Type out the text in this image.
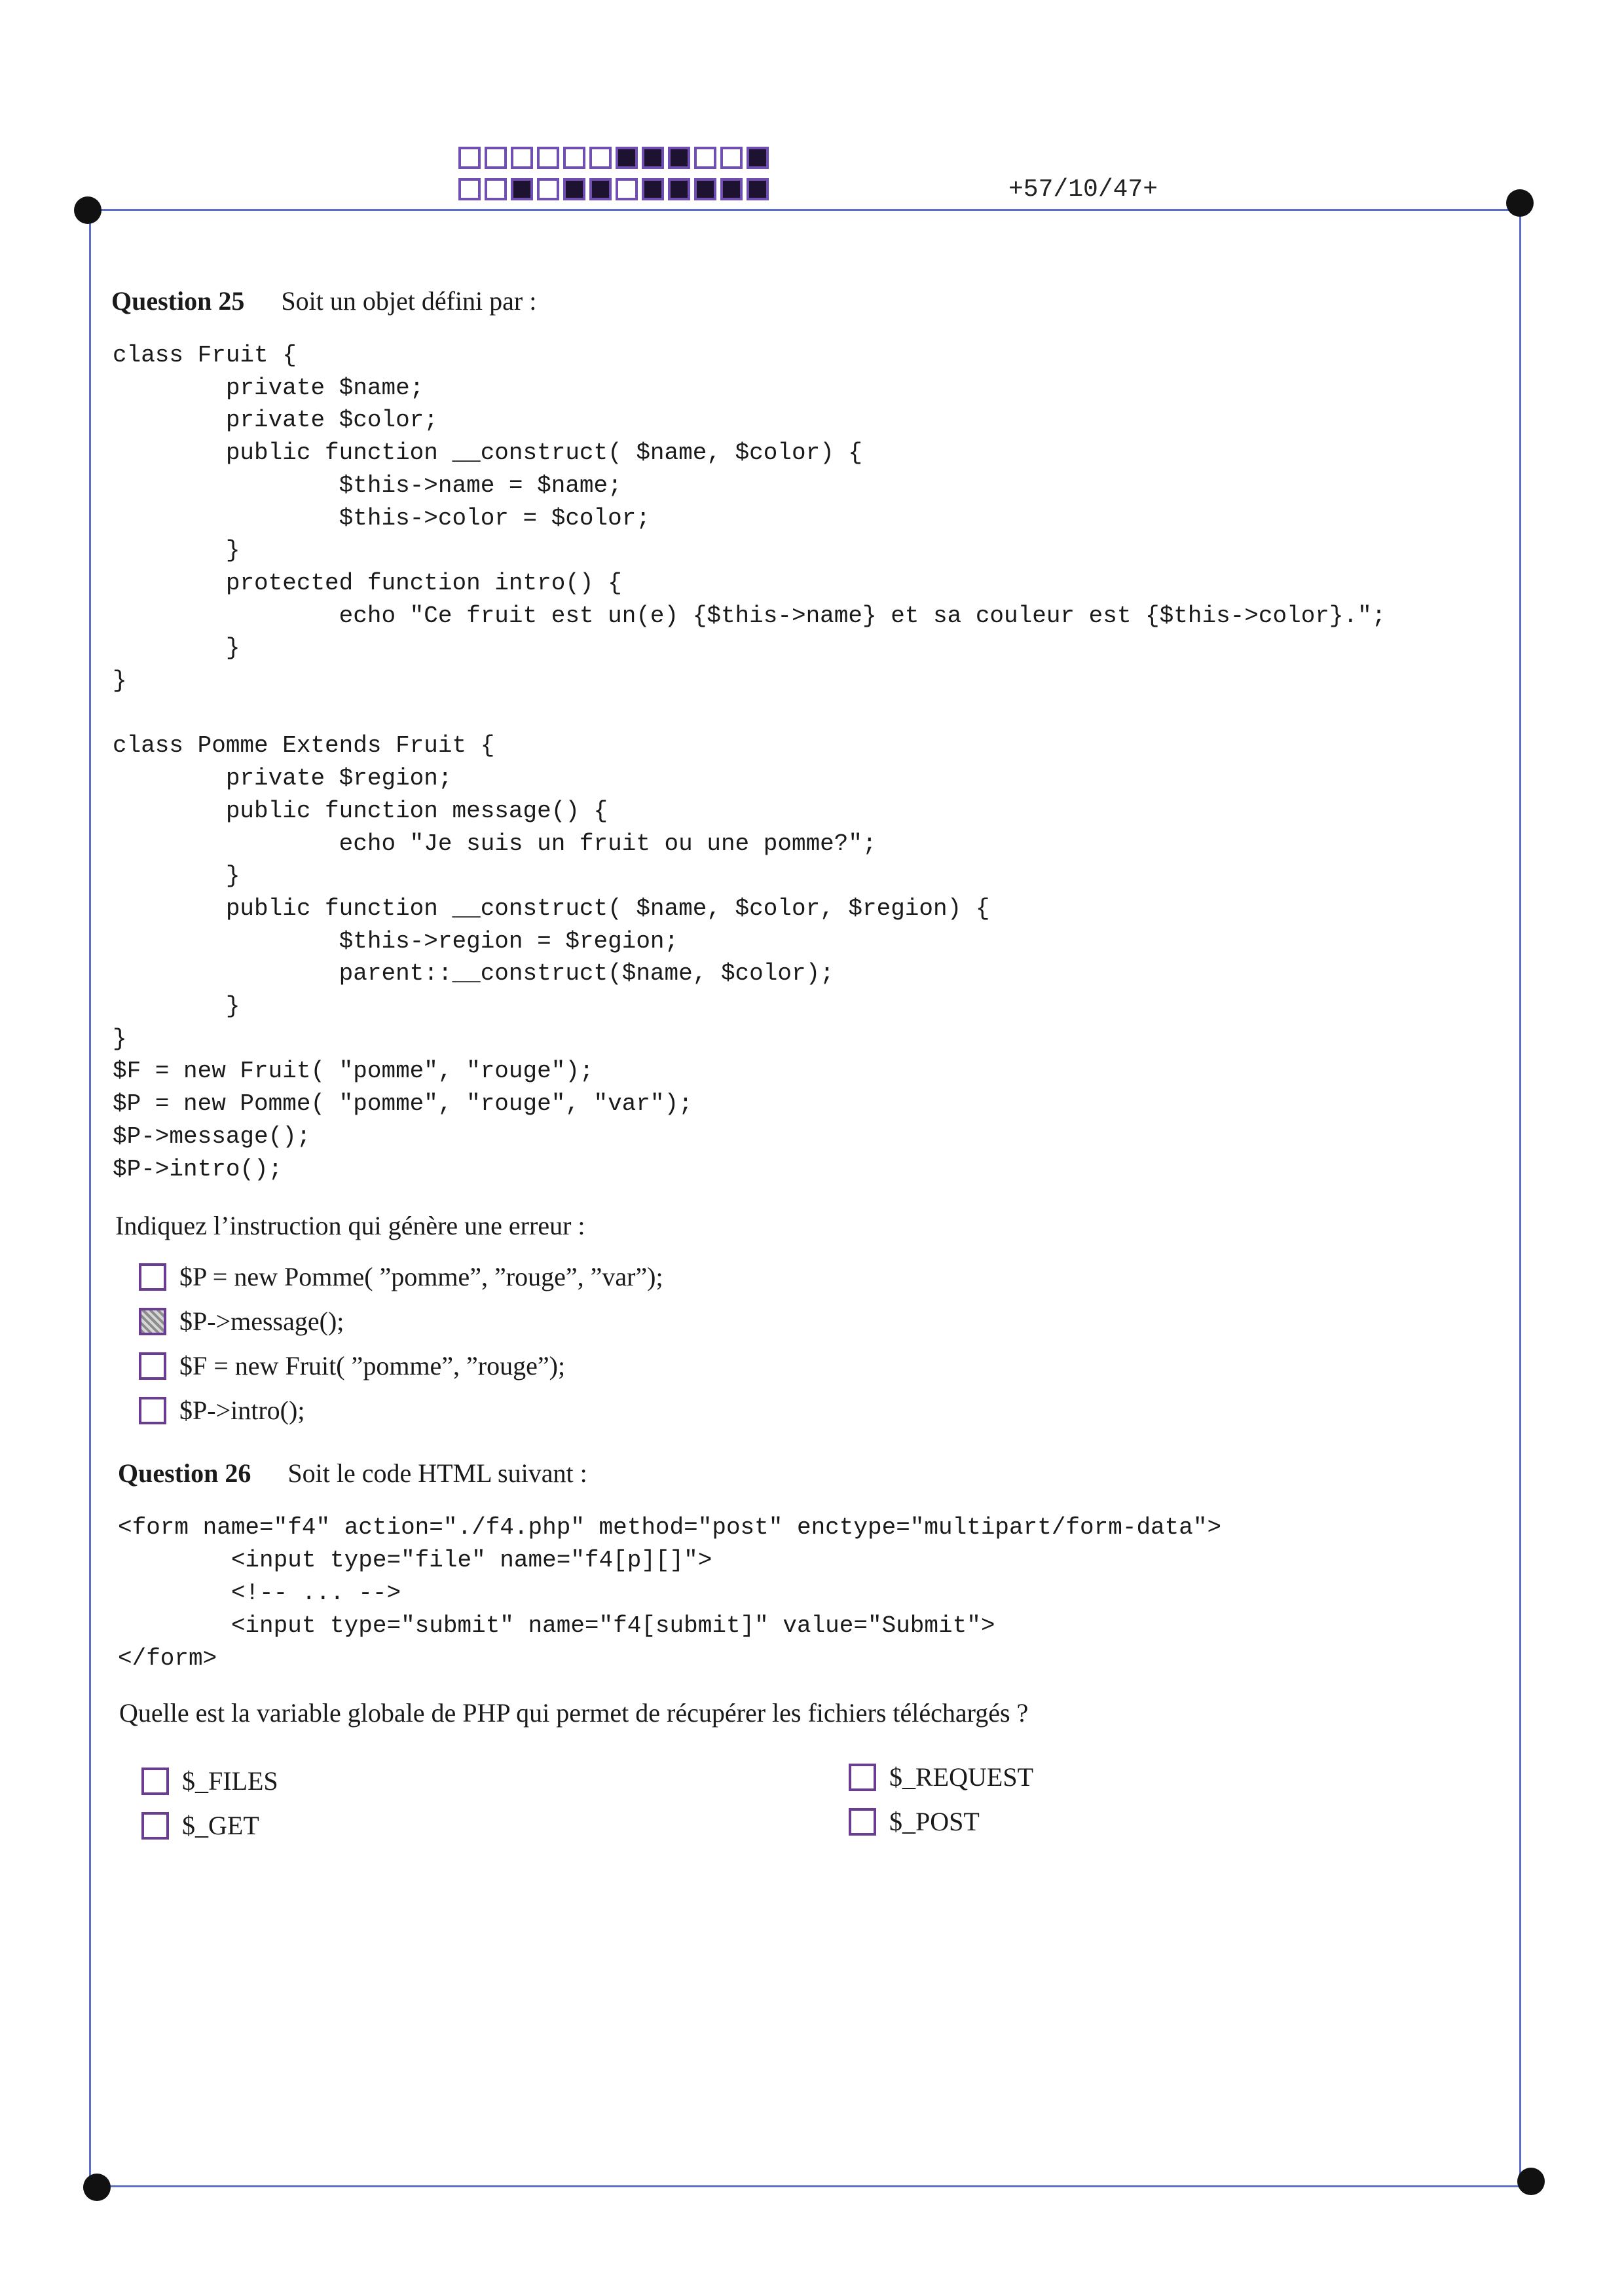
+57/10/47+
Question 25 Soit un objet défini par :
class Fruit {
private $name;
private $color;
public function __construct( $name, $color) {
$this->name = $name;
$this->color = $color;
}
protected function intro() {
echo "Ce fruit est un(e) {$this->name} et sa couleur est {$this->color}.";
}
}

class Pomme Extends Fruit {
private $region;
public function message() {
echo "Je suis un fruit ou une pomme?";
}
public function __construct( $name, $color, $region) {
$this->region = $region;
parent::__construct($name, $color);
}
}
$F = new Fruit( "pomme", "rouge");
$P = new Pomme( "pomme", "rouge", "var");
$P->message();
$P->intro();
Indiquez l’instruction qui génère une erreur :
$P = new Pomme( ”pomme”, ”rouge”, ”var”);
$P->message();
$F = new Fruit( ”pomme”, ”rouge”);
$P->intro();
Question 26 Soit le code HTML suivant :
<form name="f4" action="./f4.php" method="post" enctype="multipart/form-data">
<input type="file" name="f4[p][]">
<!-- ... -->
<input type="submit" name="f4[submit]" value="Submit">
</form>
Quelle est la variable globale de PHP qui permet de récupérer les fichiers téléchargés ?
$_FILES
$_GET
$_REQUEST
$_POST
